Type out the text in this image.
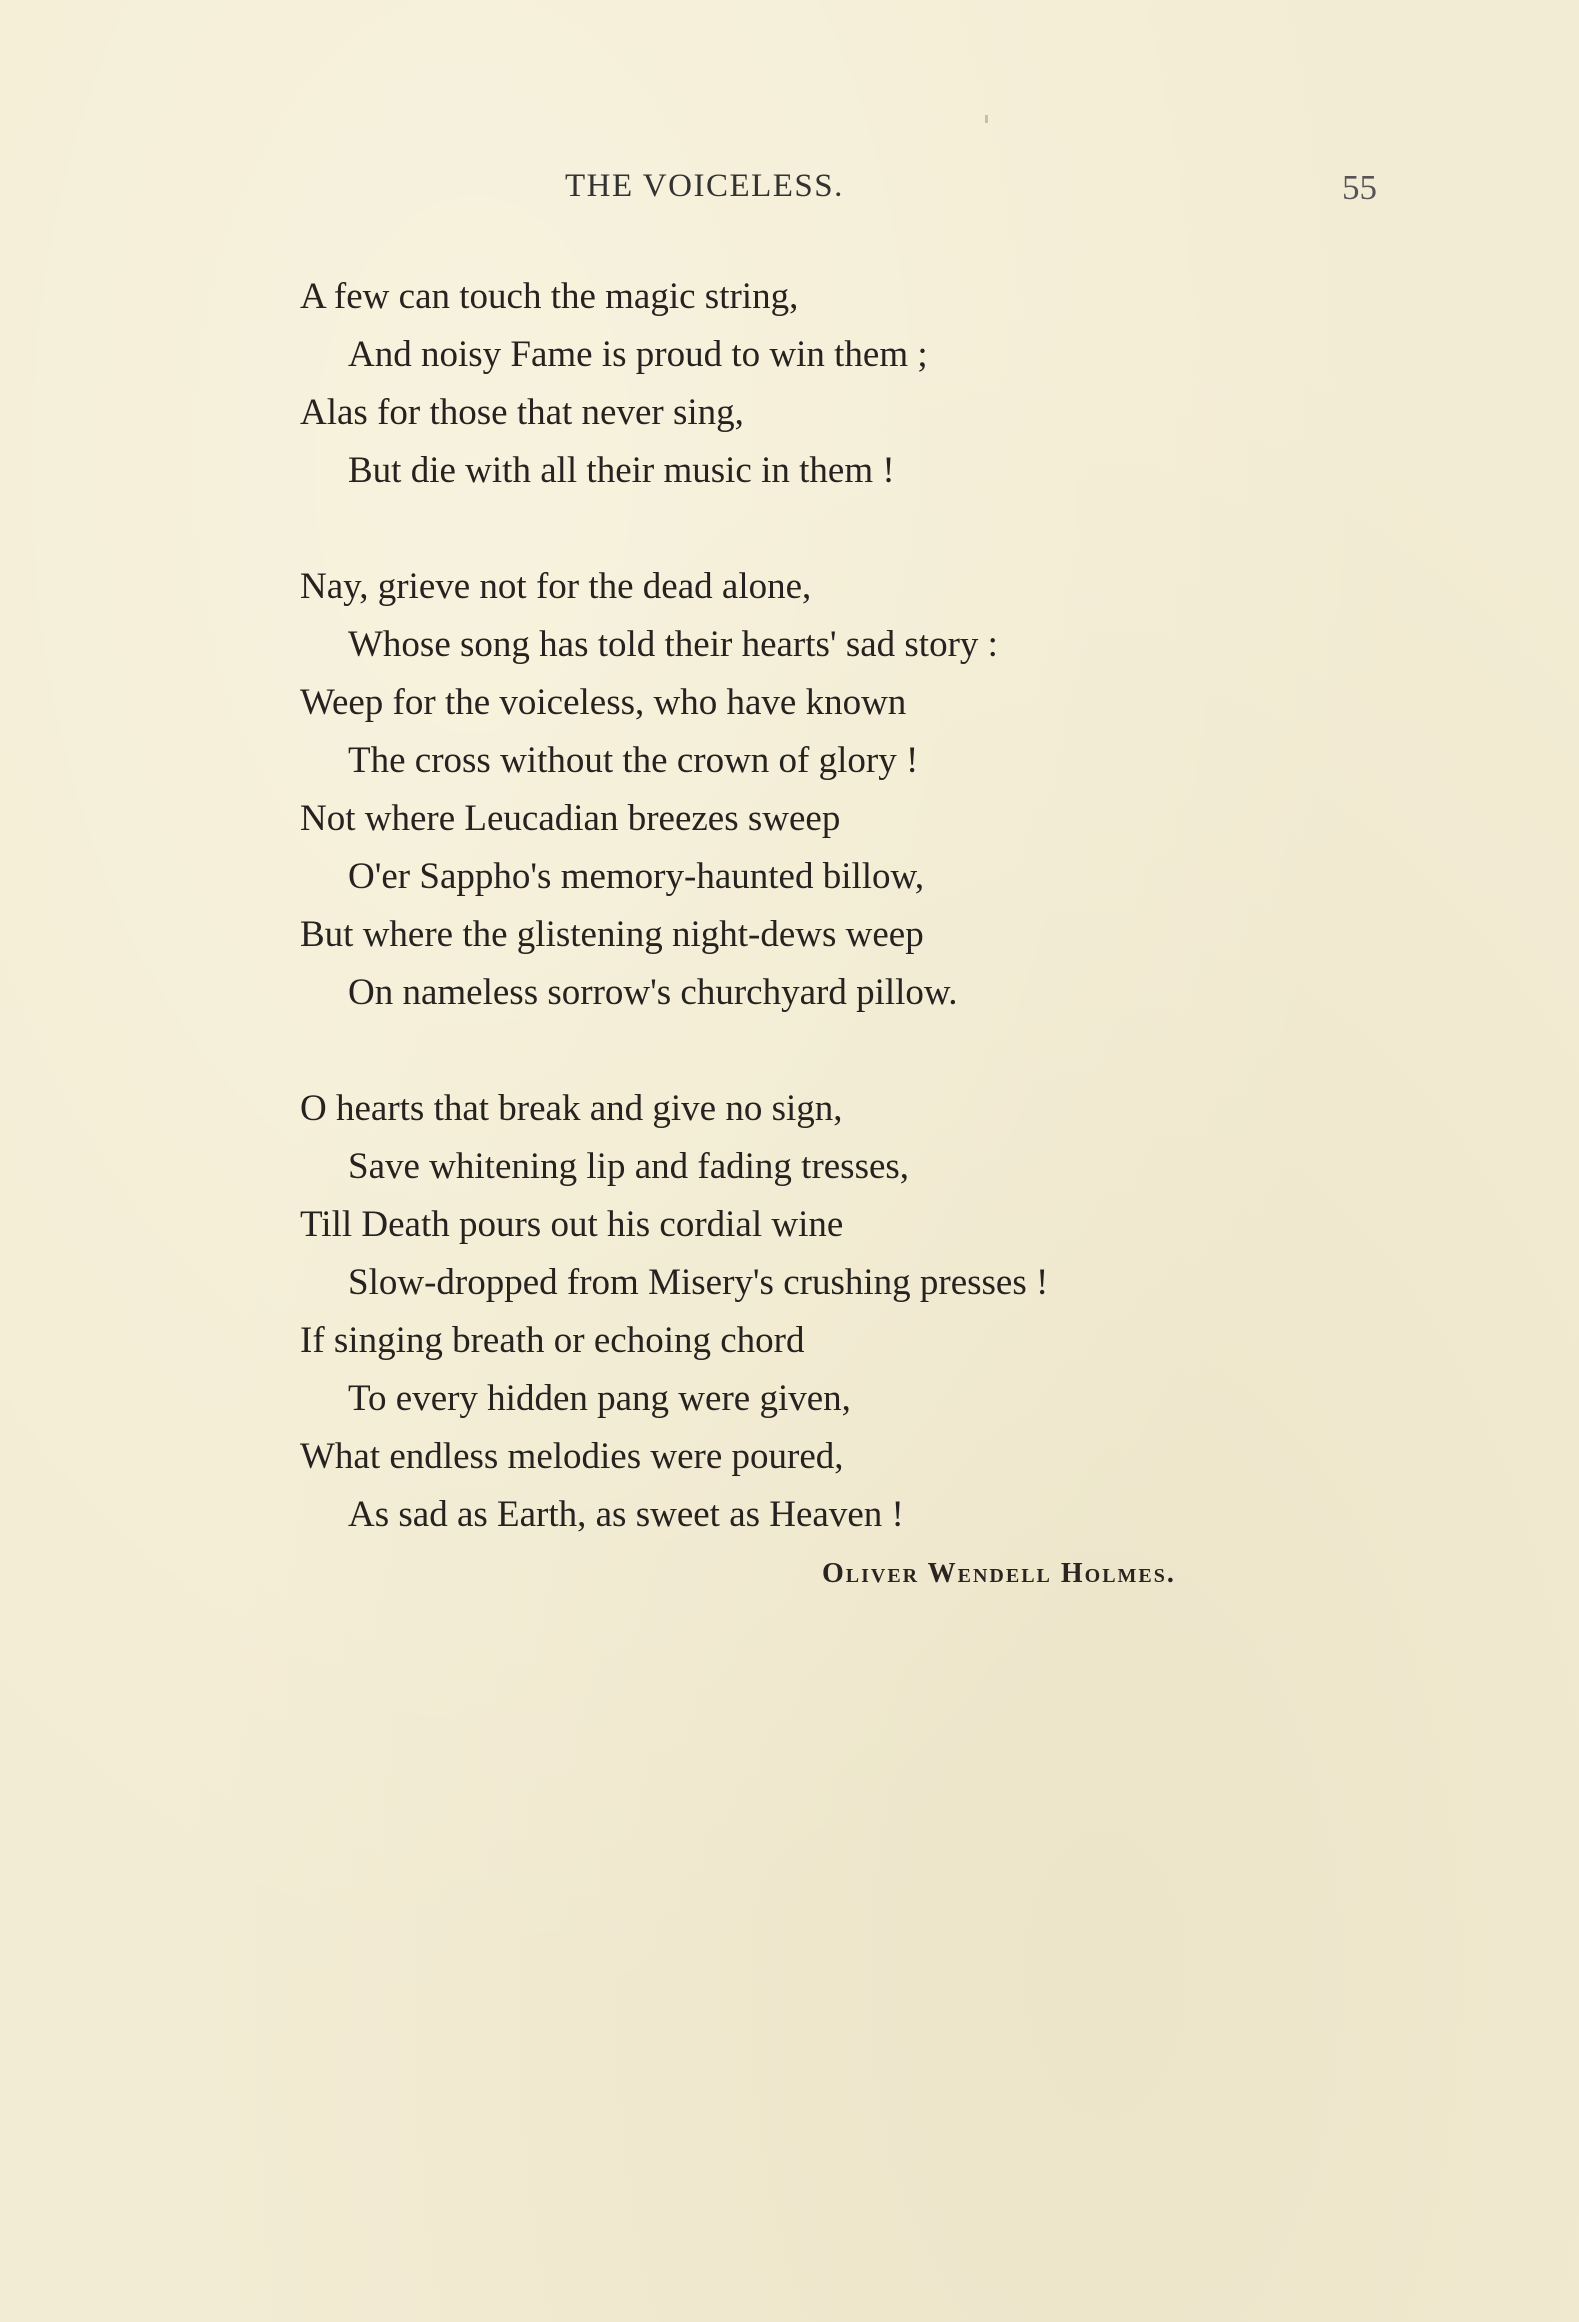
THE VOICELESS.	55
A few can touch the magic string,
And noisy Fame is proud to win them ;
Alas for those that never sing,
But die with all their music in them !
Nay, grieve not for the dead alone,
Whose song has told their hearts' sad story :
Weep for the voiceless, who have known
The cross without the crown of glory !
Not where Leucadian breezes sweep
O'er Sappho's memory-haunted billow,
But where the glistening night-dews weep
On nameless sorrow's churchyard pillow.
O hearts that break and give no sign,
Save whitening lip and fading tresses,
Till Death pours out his cordial wine
Slow-dropped from Misery's crushing presses !
If singing breath or echoing chord
To every hidden pang were given,
What endless melodies were poured,
As sad as Earth, as sweet as Heaven !
Oliver Wendell Holmes.
